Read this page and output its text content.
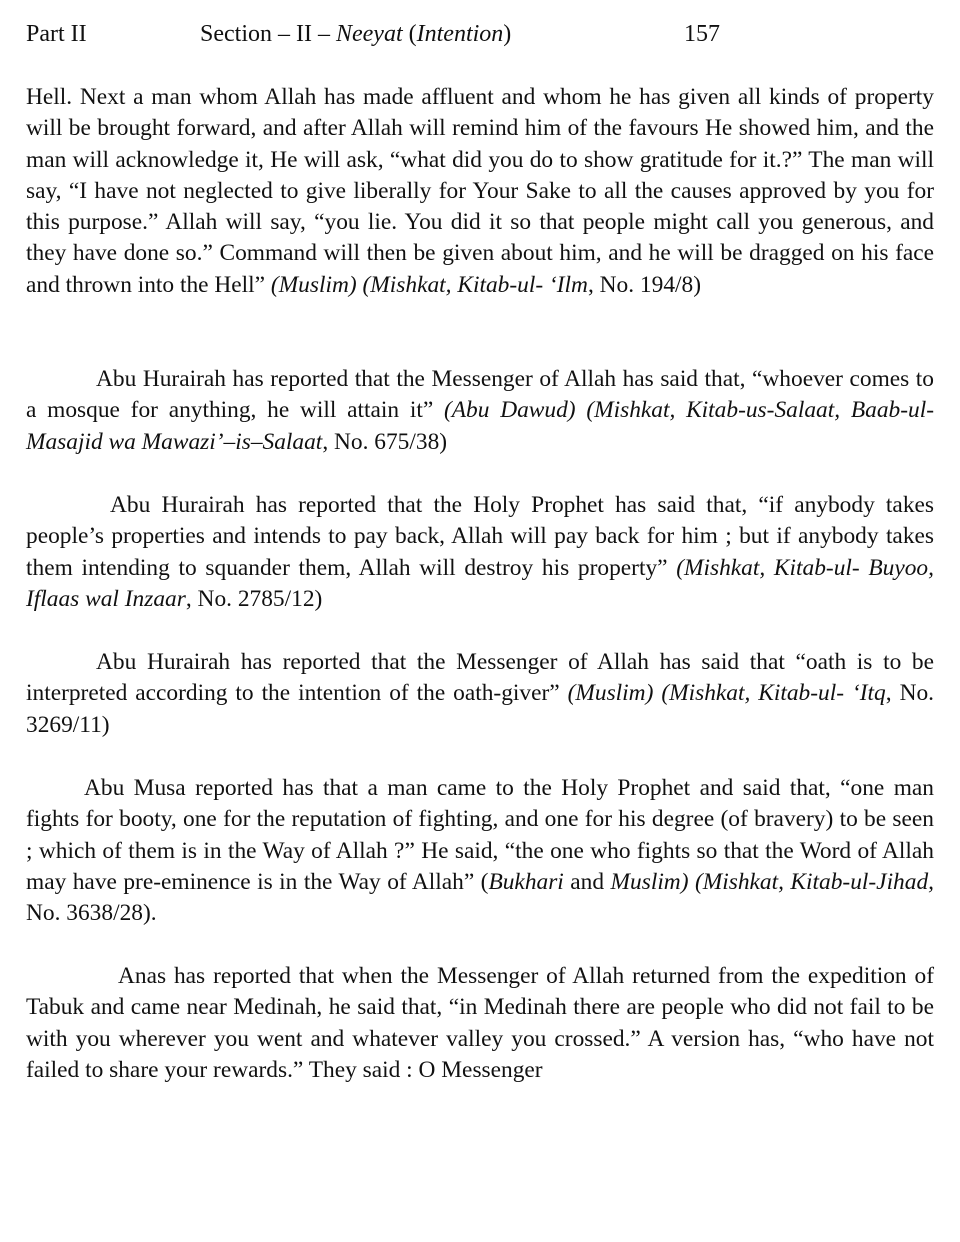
Part II	Section – II – Neeyat (Intention)	157

Hell. Next a man whom Allah has made affluent and whom he has given all kinds of property will be brought forward, and after Allah will remind him of the favours He showed him, and the man will acknowledge it, He will ask, “what did you do to show gratitude for it.?” The man will say, “I have not neglected to give liberally for Your Sake to all the causes approved by you for this purpose.” Allah will say, “you lie. You did it so that people might call you generous, and they have done so.” Command will then be given about him, and he will be dragged on his face and thrown into the Hell” (Muslim) (Mishkat, Kitab-ul- ‘Ilm, No. 194/8)

Abu Hurairah has reported that the Messenger of Allah has said that, “whoever comes to a mosque for anything, he will attain it” (Abu Dawud) (Mishkat, Kitab-us-Salaat, Baab-ul-Masajid wa Mawazi’–is–Salaat, No. 675/38)

Abu Hurairah has reported that the Holy Prophet has said that, “if anybody takes people’s properties and intends to pay back, Allah will pay back for him ; but if anybody takes them intending to squander them, Allah will destroy his property” (Mishkat, Kitab-ul- Buyoo, Iflaas wal Inzaar, No. 2785/12)

Abu Hurairah has reported that the Messenger of Allah has said that “oath is to be interpreted according to the intention of the oath-giver” (Muslim) (Mishkat, Kitab-ul- ‘Itq, No. 3269/11)

Abu Musa reported has that a man came to the Holy Prophet and said that, “one man fights for booty, one for the reputation of fighting, and one for his degree (of bravery) to be seen ; which of them is in the Way of Allah ?” He said, “the one who fights so that the Word of Allah may have pre-eminence is in the Way of Allah” (Bukhari and Muslim) (Mishkat, Kitab-ul-Jihad, No. 3638/28).

Anas has reported that when the Messenger of Allah returned from the expedition of Tabuk and came near Medinah, he said that, “in Medinah there are people who did not fail to be with you wherever you went and whatever valley you crossed.” A version has, “who have not failed to share your rewards.” They said : O Messenger
